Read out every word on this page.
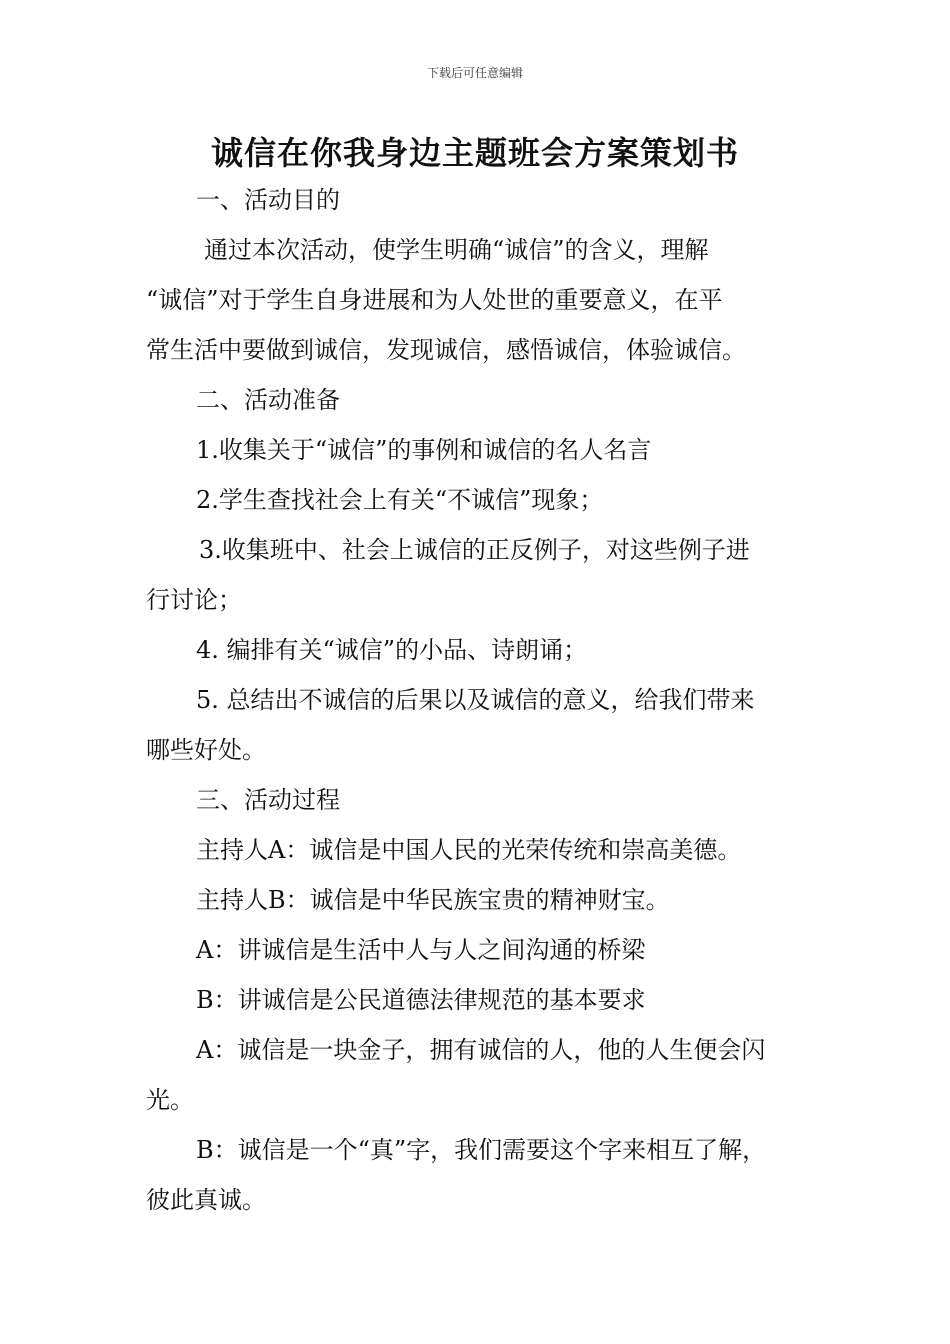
下载后可任意编辑
诚信在你我身边主题班会方案策划书
一、活动目的
通过本次活动，使学生明确“诚信”的含义，理解
“诚信”对于学生自身进展和为人处世的重要意义，在平
常生活中要做到诚信，发现诚信，感悟诚信，体验诚信。
二、活动准备
1.收集关于“诚信”的事例和诚信的名人名言
2.学生查找社会上有关“不诚信”现象；
3.收集班中、社会上诚信的正反例子，对这些例子进
行讨论；
4. 编排有关“诚信”的小品、诗朗诵；
5. 总结出不诚信的后果以及诚信的意义，给我们带来
哪些好处。
三、活动过程
主持人A：诚信是中国人民的光荣传统和崇高美德。
主持人B：诚信是中华民族宝贵的精神财宝。
A：讲诚信是生活中人与人之间沟通的桥梁
B：讲诚信是公民道德法律规范的基本要求
A：诚信是一块金子，拥有诚信的人，他的人生便会闪
光。
B：诚信是一个“真”字，我们需要这个字来相互了解，
彼此真诚。
